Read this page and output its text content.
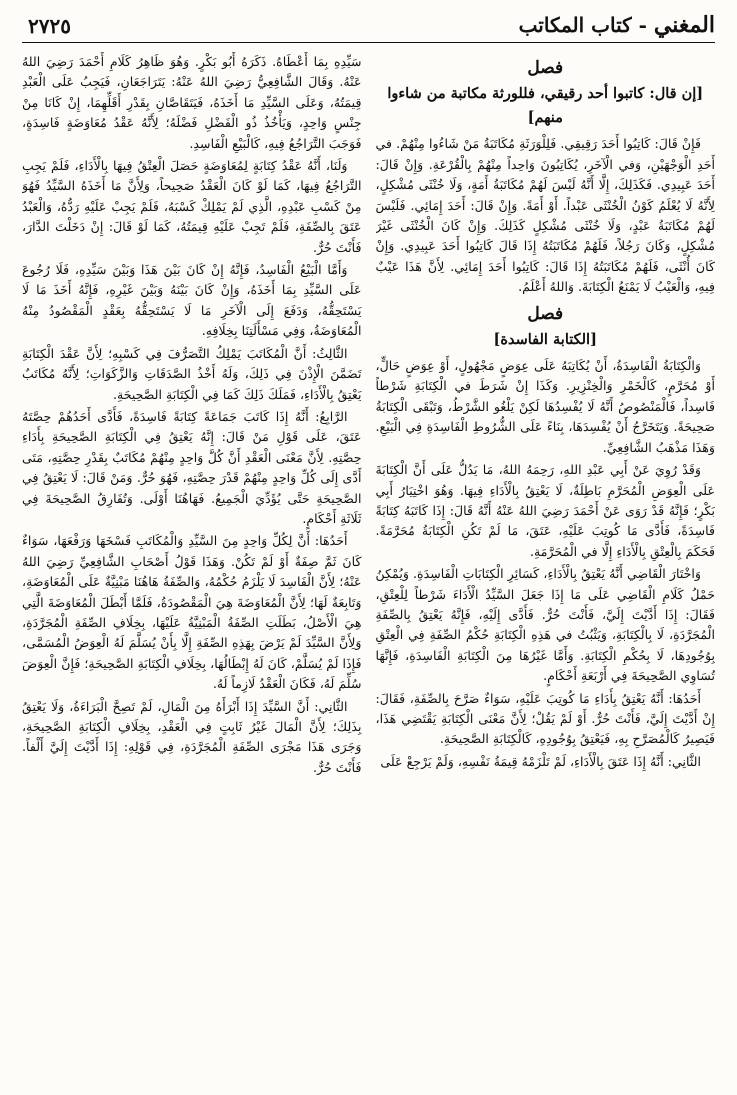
المغني - كتاب المكاتب
٢٧٢٥
فصل
[إن قال: كاتبوا أحد رقيقي، فللورثة مكاتبة من شاءوا منهم]

فَإِنْ قَالَ: كَاتِبُوا أَحَدَ رَقِيقِي. فَلِلْوَرَثَةِ مُكَاتَبَةُ مَنْ شَاءُوا مِنْهُمْ. في أَحَدِ الْوَجْهَيْنِ، وَفي الْآخَرِ، يُكَاتِبُونَ وَاحِداً مِنْهُمْ بِالْقُرْعَةِ. وَإِنْ قَالَ: أَحَدَ عَبِيدِي. فَكَذَلِكَ، إِلَّا أَنَّهُ لَيْسَ لَهُمْ مُكَاتَبَةُ أَمَةٍ، وَلَا خُنْثَى مُشْكِلٍ، لِأَنَّهُ لَا يُعْلَمُ كَوْنُ الْخُنْثَى عَبْداً. أَوْ أَمَةً. وَإِنْ قَالَ: أَحَدَ إِمَائِي. فَلَيْسَ لَهُمْ مُكَاتَبَةُ عَبْدٍ، وَلَا خُنْثَى مُشْكِلٍ كَذَلِكَ. وَإِنْ كَانَ الْخُنْثَى غَيْرَ مُشْكِلٍ، وَكَانَ رَجُلاً، فَلَهُمْ مُكَاتَبَتُهُ إِذَا قَالَ كَاتِبُوا أَحَدَ عَبِيدِي. وَإِنْ كَانَ أُنْثَى، فَلَهُمْ مُكَاتَبَتُهُ إِذَا قَالَ: كَاتِبُوا أَحَدَ إِمَائِي. لِأَنَّ هَذَا عَيْبٌ فِيهِ، وَالْعَيْبُ لَا يَمْنَعُ الْكِتَابَةَ. وَاللهُ أَعْلَمُ.

فصل
[الكتابة الفاسدة]

وَالْكِتَابَةُ الْفَاسِدَةُ، أَنْ يُكَاتِبَهُ عَلَى عِوَضٍ مَجْهُولٍ، أَوْ عِوَضٍ حَالٍّ، أَوْ مُحَرَّمٍ، كَالْخَمْرِ وَالْخِنْزِيرِ. وَكَذَا إِنْ شَرَطَ في الْكِتَابَةِ شَرْطاً فَاسِداً، فَالْمَنْصُوصُ أَنَّهُ لَا يُفْسِدُهَا لَكِنْ يَلْغُو الشَّرْطُ، وَتَبْقَى الْكِتَابَةُ صَحِيحَةً. وَيَتَخَرَّجُ أَنْ يُفْسِدَهَا، بِنَاءً عَلَى الشُّرُوطِ الْفَاسِدَةِ فِي الْبَيْعِ. وَهَذَا مَذْهَبُ الشَّافِعِيِّ.

وَقَدْ رُوِيَ عَنْ أَبِي عَبْدِ اللهِ، رَحِمَهُ اللهُ، مَا يَدُلُّ عَلَى أَنَّ الْكِتَابَةَ عَلَى الْعِوَضِ الْمُحَرَّمِ بَاطِلَةٌ، لَا يَعْتِقُ بِالْأَدَاءِ فِيهَا. وَهُوَ اخْتِيَارُ أَبِي بَكْرٍ؛ فَإِنَّهُ قَدْ رَوَى عَنْ أَحْمَدَ رَضِيَ اللهُ عَنْهُ أَنَّهُ قَالَ: إِذَا كَاتَبَهُ كِتَابَةً فَاسِدَةً، فَأَدَّى مَا كُوتِبَ عَلَيْهِ، عَتَقَ، مَا لَمْ تَكُنِ الْكِتَابَةُ مُحَرَّمَةً. فَحَكَمَ بِالْعِتْقِ بِالْأَدَاءِ إِلَّا في الْمُحَرَّمَةِ.

وَاخْتَارَ الْقَاضِي أَنَّهُ يَعْتِقُ بِالْأَدَاءِ، كَسَائِرِ الْكِتَابَاتِ الْفَاسِدَةِ. وَيُمْكِنُ حَمْلُ كَلَامِ الْقَاضِي عَلَى مَا إِذَا جَعَلَ السَّيِّدُ الْأَدَاءَ شَرْطاً لِلْعِتْقِ، فَقَالَ: إِذَا أَدَّيْتَ إِلَيَّ، فَأَنْتَ حُرٌّ. فَأَدَّى إِلَيْهِ، فَإِنَّهُ يَعْتِقُ بِالصِّفَةِ الْمُجَرَّدَةِ، لَا بِالْكِتَابَةِ، وَيَثْبُتُ في هَذِهِ الْكِتَابَةِ حُكْمُ الصِّفَةِ فِي الْعِتْقِ بِوُجُودِهَا، لَا بِحُكْمِ الْكِتَابَةِ. وَأَمَّا غَيْرُهَا مِنَ الْكِتَابَةِ الْفَاسِدَةِ، فَإِنَّهَا تُسَاوِي الصَّحِيحَةَ فِي أَرْبَعَةِ أَحْكَامٍ.

أَحَدُهَا: أَنَّهُ يَعْتِقُ بِأَدَاءِ مَا كُوتِبَ عَلَيْهِ، سَوَاءٌ صَرَّحَ بِالصِّفَةِ، فَقَالَ: إِنْ أَدَّيْتَ إِلَيَّ، فَأَنْتَ حُرٌّ. أَوْ لَمْ يَقُلْ؛ لِأَنَّ مَعْنَى الْكِتَابَةِ يَقْتَضِي هَذَا، فَيَصِيرُ كَالْمُصَرَّحِ بِهِ، فَيَعْتِقُ بِوُجُودِهِ، كَالْكِتَابَةِ الصَّحِيحَةِ.

الثَّانِي: أَنَّهُ إِذَا عَتَقَ بِالْأَدَاءِ، لَمْ تَلْزَمْهُ قِيمَةُ نَفْسِهِ، وَلَمْ يَرْجِعْ عَلَى

سَيِّدِهِ بِمَا أَعْطَاهُ. ذَكَرَهُ أَبُو بَكْرٍ. وَهُوَ ظَاهِرُ كَلَامِ أَحْمَدَ رَضِيَ اللهُ عَنْهُ. وَقَالَ الشَّافِعِيُّ رَضِيَ اللهُ عَنْهُ: يَتَرَاجَعَانِ، فَيَجِبُ عَلَى الْعَبْدِ قِيمَتُهُ، وَعَلَى السَّيِّدِ مَا أَخَذَهُ، فَيَتَقَاصَّانِ بِقَدْرِ أَقَلِّهِمَا، إِنْ كَانَا مِنْ جِنْسٍ وَاحِدٍ، وَيَأْخُذُ ذُو الْفَضْلِ فَضْلَهُ؛ لِأَنَّهُ عَقْدُ مُعَاوَضَةٍ فَاسِدَةٍ، فَوَجَبَ التَّرَاجُعُ فِيهِ، كَالْبَيْعِ الْفَاسِدِ.

وَلَنَا، أَنَّهُ عَقْدُ كِتَابَةٍ لِمُعَاوَضَةٍ حَصَلَ الْعِتْقُ فِيهَا بِالْأَدَاءِ، فَلَمْ يَجِبِ التَّرَاجُعُ فِيهَا، كَمَا لَوْ كَانَ الْعَقْدُ صَحِيحاً، وَلِأَنَّ مَا أَخَذَهُ السَّيِّدُ فَهُوَ مِنْ كَسْبِ عَبْدِهِ، الَّذِي لَمْ يَمْلِكْ كَسْبَهُ، فَلَمْ يَجِبْ عَلَيْهِ رَدُّهُ، وَالْعَبْدُ عَتَقَ بِالصِّفَةِ، فَلَمْ تَجِبْ عَلَيْهِ قِيمَتُهُ، كَمَا لَوْ قَالَ: إِنْ دَخَلْتَ الدَّارَ، فَأَنْتَ حُرٌّ.

وَأَمَّا الْبَيْعُ الْفَاسِدُ، فَإِنَّهُ إِنْ كَانَ بَيْنَ هَذَا وَبَيْنَ سَيِّدِهِ، فَلَا رُجُوعَ عَلَى السَّيِّدِ بِمَا أَخَذَهُ، وَإِنْ كَانَ بَيْنَهُ وَبَيْنَ غَيْرِهِ، فَإِنَّهُ أَخَذَ مَا لَا يَسْتَحِقُّهُ، وَدَفَعَ إِلَى الْآخَرِ مَا لَا يَسْتَحِقُّهُ بِعَقْدٍ الْمَقْصُودُ مِنْهُ الْمُعَاوَضَةُ، وَفِي مَسْأَلَتِنَا بِخِلَافِهِ.

الثَّالِثُ: أَنَّ الْمُكَاتَبَ يَمْلِكُ التَّصَرُّفَ فِي كَسْبِهِ؛ لِأَنَّ عَقْدَ الْكِتَابَةِ تَضَمَّنَ الْإِذْنَ فِي ذَلِكَ، وَلَهُ أَخْذُ الصَّدَقَاتِ وَالزَّكَوَاتِ؛ لِأَنَّهُ مُكَاتَبٌ يَعْتِقُ بِالْأَدَاءِ، فَمَلَكَ ذَلِكَ كَمَا فِي الْكِتَابَةِ الصَّحِيحَةِ.

الرَّابِعُ: أَنَّهُ إِذَا كَاتَبَ جَمَاعَةً كِتَابَةً فَاسِدَةً، فَأَدَّى أَحَدُهُمْ حِصَّتَهُ عَتَقَ، عَلَى قَوْلِ مَنْ قَالَ: إِنَّهُ يَعْتِقُ فِي الْكِتَابَةِ الصَّحِيحَةِ بِأَدَاءِ حِصَّتِهِ. لِأَنَّ مَعْنَى الْعَقْدِ أَنَّ كُلَّ وَاحِدٍ مِنْهُمْ مُكَاتَبٌ بِقَدْرِ حِصَّتِهِ، مَتَى أَدَّى إِلَى كُلِّ وَاحِدٍ مِنْهُمْ قَدْرَ حِصَّتِهِ، فَهُوَ حُرٌّ. وَمَنْ قَالَ: لَا يَعْتِقُ فِي الصَّحِيحَةِ حَتَّى يُؤَدِّيَ الْجَمِيعُ. فَهَاهُنَا أَوْلَى. وَتُفَارِقُ الصَّحِيحَةَ فِي ثَلَاثَةِ أَحْكَامٍ.

أَحَدُهَا: أَنَّ لِكُلِّ وَاحِدٍ مِنَ السَّيِّدِ وَالْمُكَاتَبِ فَسْخَهَا وَرَفْعَهَا، سَوَاءٌ كَانَ ثَمَّ صِفَةٌ أَوْ لَمْ تَكُنْ. وَهَذَا قَوْلُ أَصْحَابِ الشَّافِعِيِّ رَضِيَ اللهُ عَنْهُ؛ لِأَنَّ الْفَاسِدَ لَا يَلْزَمُ حُكْمُهُ، وَالصِّفَةُ هَاهُنَا مَبْنِيَّةٌ عَلَى الْمُعَاوَضَةِ، وَتَابِعَةٌ لَهَا؛ لِأَنَّ الْمُعَاوَضَةَ هِيَ الْمَقْصُودَةُ، فَلَمَّا أَبْطَلَ الْمُعَاوَضَةَ الَّتِي هِيَ الْأَصْلُ، بَطَلَتِ الصِّفَةُ الْمَبْنِيَّةُ عَلَيْهَا، بِخِلَافِ الصِّفَةِ الْمُجَرَّدَةِ، وَلِأَنَّ السَّيِّدَ لَمْ يَرْضَ بِهَذِهِ الصِّفَةِ إِلَّا بِأَنْ يُسَلَّمَ لَهُ الْعِوَضُ الْمُسَمَّى، فَإِذَا لَمْ يُسَلَّمْ، كَانَ لَهُ إِبْطَالُهَا، بِخِلَافِ الْكِتَابَةِ الصَّحِيحَةِ؛ فَإِنَّ الْعِوَضَ سُلِّمَ لَهُ، فَكَانَ الْعَقْدُ لَازِماً لَهُ.

الثَّانِي: أَنَّ السَّيِّدَ إِذَا أَبْرَأَهُ مِنَ الْمَالِ، لَمْ تَصِحَّ الْبَرَاءَةُ، وَلَا يَعْتِقُ بِذَلِكَ؛ لِأَنَّ الْمَالَ غَيْرُ ثَابِتٍ فِي الْعَقْدِ، بِخِلَافِ الْكِتَابَةِ الصَّحِيحَةِ، وَجَرَى هَذَا مَجْرَى الصِّفَةِ الْمُجَرَّدَةِ، فِي قَوْلِهِ: إِذَا أَدَّيْتَ إِلَيَّ أَلْفاً. فَأَنْتَ حُرٌّ.
